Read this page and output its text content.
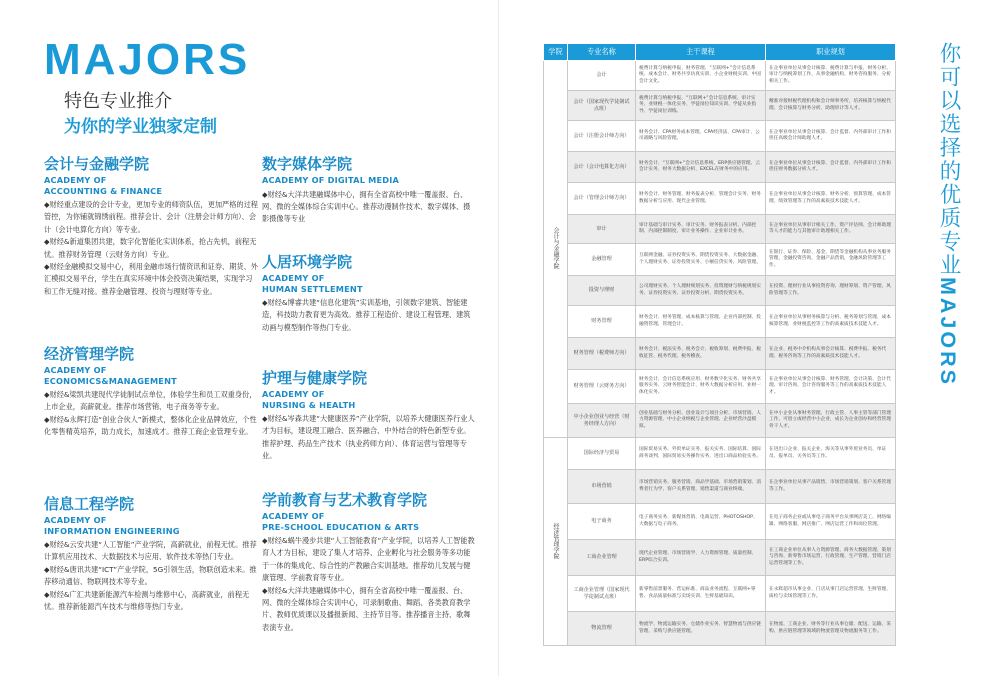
MAJORS
特色专业推介
为你的学业独家定制
会计与金融学院
ACADEMY OF
ACCOUNTING & FINANCE

◆财经重点建设的会计专业，更加专业的师资队伍，更加严格的过程管控，为你铺就锦绣前程。推荐会计、会计（注册会计师方向）、会计（会计电算化方向）等专业。

◆财经&新道集团共建，数字化智能化实训体系，抢占先机，前程无忧。推荐财务管理（云财务方向）专业。

◆财经金融模拟交易中心，利用金融市场行情资讯和证券、期货、外汇模拟交易平台，学生在真实环境中体会投资决策结果，实现学习和工作无缝对接。推荐金融管理、投资与理财等专业。

经济管理学院
ACADEMY OF
ECONOMICS&MANAGEMENT

◆财经&梁凯共建现代学徒制试点单位，体验学生和员工双重身份，上市企业，高薪就业。推荐市场营销、电子商务等专业。

◆财经&永辉打造“创业合伙人”新模式，整体化企业品牌效应，个性化零售精英培养，助力成长，加速成才。推荐工商企业管理专业。

信息工程学院
ACADEMY OF
INFORMATION ENGINEERING

◆财经&云安共建“人工智能”产业学院，高薪就业，前程无忧。推荐计算机应用技术、大数据技术与应用、软件技术等热门专业。

◆财经&唐讯共建“ICT”产业学院，5G引领生活，物联创造未来。推荐移动通信、物联网技术等专业。

◆财经&广汇共建新能源汽车检测与维修中心，高薪就业，前程无忧。推荐新能源汽车技术与维修等热门专业。

数字媒体学院
ACADEMY OF DIGITAL MEDIA

◆财经&大洋共建融媒体中心，拥有全省高校中唯一覆盖报、台、网、微的全媒体综合实训中心。推荐动漫制作技术、数字媒体、摄影摄像等专业

人居环境学院
ACADEMY OF
HUMAN SETTLEMENT

◆财经&博睿共建“信息化建筑”实训基地，引领数字建筑、智能建造，科技助力教育更为高效。推荐工程造价、建设工程管理、建筑动画与模型制作等热门专业。

护理与健康学院
ACADEMY OF
NURSING & HEALTH

◆财经&岑森共建“大健康医养”产业学院，以培养大健康医养行业人才为目标，建设理工融合、医养融合、中外结合的特色新型专业。推荐护理、药品生产技术（执业药师方向）、体育运营与管理等专业。

学前教育与艺术教育学院
ACADEMY OF
PRE-SCHOOL EDUCATION & ARTS

◆财经&蜗牛漫步共建“人工智能教育”产业学院，以培养人工智能教育人才为目标，建设了集人才培养、企业孵化与社会服务等多功能于一体的集成化、综合性的产教融合实训基地。推荐幼儿发展与健康管理、学前教育等专业。

◆财经&大洋共建融媒体中心，拥有全省高校中唯一覆盖报、台、网、微的全媒体综合实训中心，可录制歌曲、舞蹈、各类教育教学片、教师优质课以及播报新闻、主持节目等。推荐播音主持、歌舞表演专业。

学院	专业名称	主干课程	职业规划
会计与金融学院	会计	税费计算与纳税申报、财务管理、“互联网+”会计信息系统、成本会计、财务共享仿真实训、小企业财税实训、中国会计文化。	在企事业单位从事会计核算、税费计算与申报、财务分析、审计与纳税筹划工作，从事金融机构、财务咨询服务、分析相关工作。
	会计（国家现代学徒制试点班）	税费计算与纳税申报、“互联网+”会计信息系统、审计实务、业财税一体化实务、学徒岗位知识实训、学徒从业指导、学徒岗位训练。	精准对接财税代理机构和会计师事务所，培养核算与纳税代理、会计核算与财务分析、助理审计等人才。
	会计（注册会计师方向）	财务会计、CPA财务成本管理、CPA经济法、CPA审计、公司战略与风险管理。	在企事业单位从事会计核算、会计监督、内外部审计工作和担任高级会计师助理人才。
	会计（会计电算化方向）	财务会计、“互联网+”会计信息系统、ERP供应链管理、云会计实务、财务大数据分析、EXCEL在财务中的应用。	在企事业单位从事会计核算、会计监督、内外部审计工作和担任财务数据分析人才。
	会计（管理会计师方向）	财务会计、财务管理、财务报表分析、管理会计实务、财务数据分析与应用、现代企业管理。	在企事业单位从事会计核算、财务分析、预算管理、成本管理、绩效管理等工作的高素质技术技能人才。
	审计	审计基础与审计实务、审计实务、财务报表分析、内部控制、内部控制制度、审计业务操作、企业审计业务。	在企事业单位从事审计相关工作、资产评估师、会计师助理等人才的能力与其他审计助理相关工作。
	金融管理	互联网金融、证券投资实务、期货投资实务、大数据金融、个人理财实务、证券投资实务、小额信贷实务、风险管理。	在银行、证券、保险、基金、期货等金融机构从事业务服务管理，金融投资咨询，金融产品营销，金融风险管理等工作。
	投资与理财	公司理财实务、个人理财规划实务、投资理财与纳税规划实务、证券投资实务、证券投资分析、期货投资实务。	在投资、理财行业从事投资咨询、理财筹划、资产管理、风险管理等工作。
	财务管理	财务会计、财务管理、成本核算与管理、企业内部控制、投融资管理、管理会计。	在企事业单位从事财务核算与分析、税务筹划与管理、成本核算管理、业财税监控等工作的高素质技术技能人才。
	财务管理（税费师方向）	财务会计、税法实务、税务会计、税收筹划、税费申报、税收征管、税务代理、税务稽查。	在企业、税务中介机构从事会计核算、税费申报、税务代理、税务咨询等工作的高素质技术技能人才。
	财务管理（云财务方向）	财务会计、会计信息系统应用、财务数字化实务、财务共享服务实务、云财务智能会计、财务大数据分析应用、业财一体化实务。	在企事业单位从事会计核算、财务管理、会计决策、会计代理、审计咨询、会计咨询服务等工作的高素质技术技能人才。
	中小企业创业与经营（财务经理人方向）	创业基础与财务分析、创业设计与项目分析、市场营销、人力资源管理、中小企业纳税与企业管理、企业经营沙盘模拟。	在中小企业从事财务管理、行政主管、人事主管等部门管理工作，可创立或经营中小企业，成长为企业创办和经营管理骨干人才。
经济管理学院	国际经济与贸易	国际贸易实务、外贸单证实务、报关实务、国际结算、国际商务谈判、国际贸易实务操作实务、进出口商品检验实务。	在进出口企业、报关企业、海关等从事外贸业务员、单证员、报单员、关务员等工作。
	市场营销	市场营销实务、服务营销、商品学基础、市场营销策划、消费者行为学、客户关系管理、销售渠道与商业终端。	在企事业单位从事产品销售、市场营销策划、客户关系管理等工作。
	电子商务	电子商务实务、新媒体营销、电商运营、PHOTOSHOP、大数据与电子商务。	在电子商务企业或从事电子商务平台从事网店美工、网络编辑、网络客服、网店推广、网店运营工作和岗位管理。
	工商企业管理	现代企业管理、市场营销学、人力资源管理、质量控制、ERP综合实训。	在工商企业单位从事人力资源管理、商务大数据管理、策划与咨询、新零售市场运营、行政管理、生产管理、营销门店运营管理等工作。
	工商企业管理（国家现代学徒制试点班）	新零售前景服务、营运标准、商品业务流程、互联网+零售、食品质量标准与卖场实训、生鲜基础知识。	在永辉超市从事企业、门店从事门店运营管理、生鲜管理、质检与卖场管理等工作。
	物流管理	物流学、物流运输实务、仓储作业实务、智慧物流与供应链管理、采购与供应链管理。	在物流、工商企业、财务等行业从事仓储、配送、运输、采购、供应链管理等领域的物流管理及物流服务等工作。
你可以选择的优质专业MAJORS
